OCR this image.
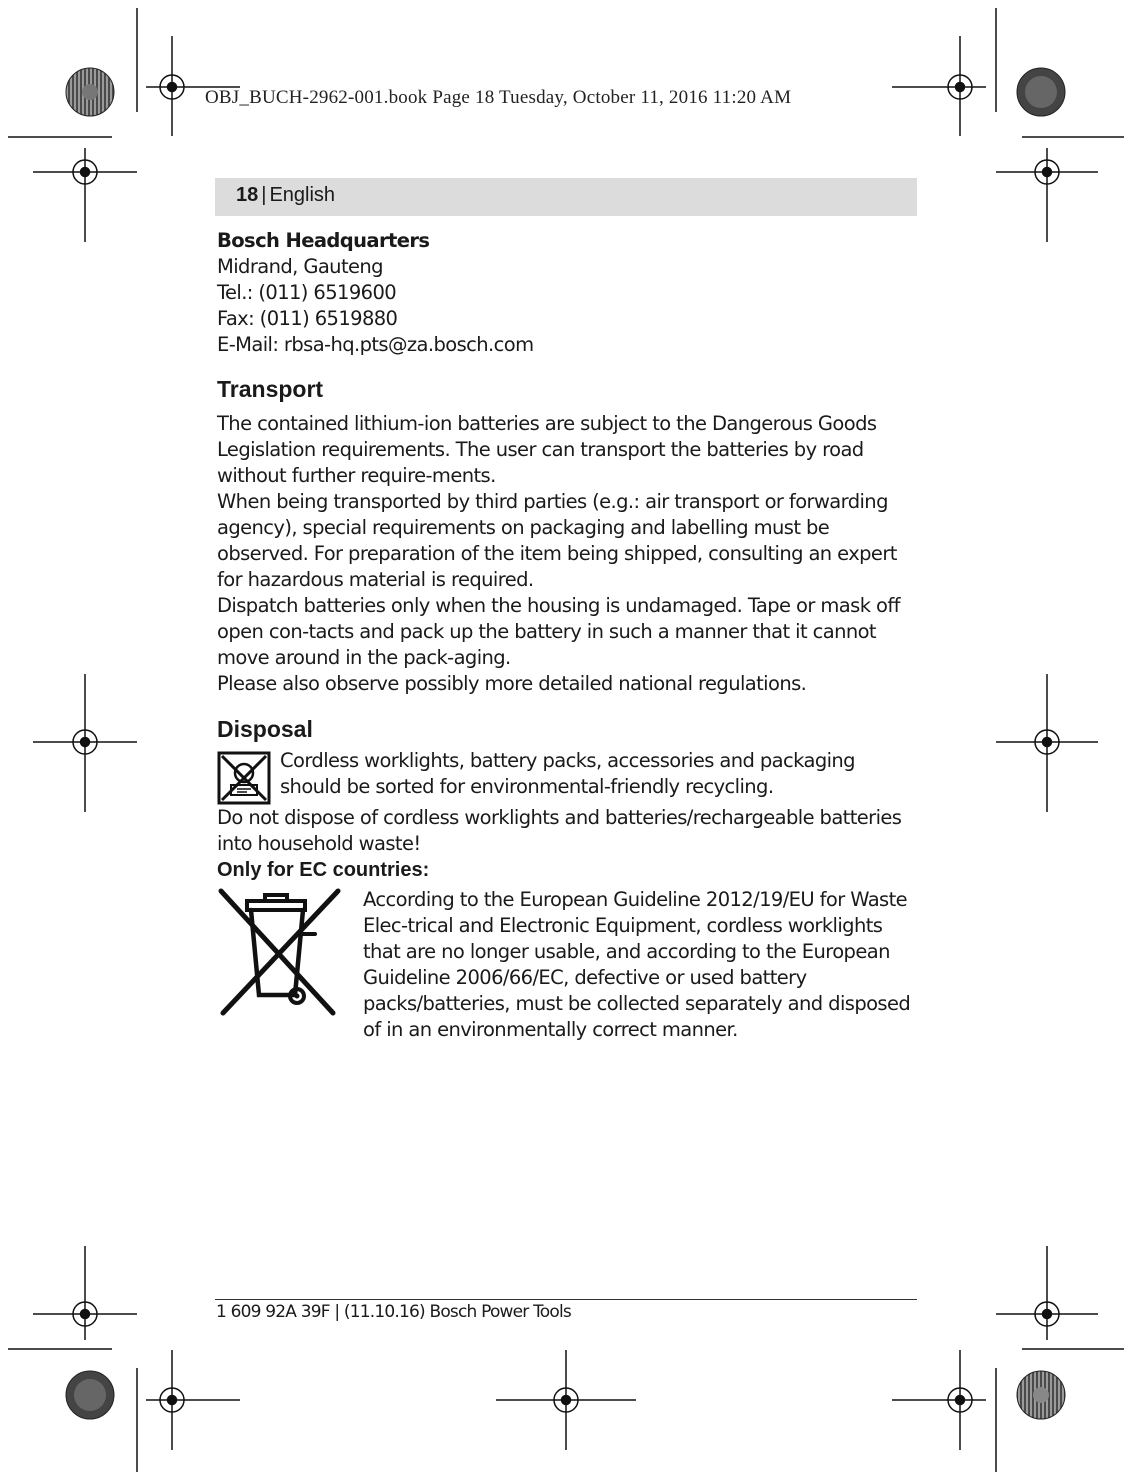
OBJ_BUCH-2962-001.book Page 18 Tuesday, October 11, 2016 11:20 AM
18 | English

Bosch Headquarters

Midrand, Gauteng

Tel.: (011) 6519600

Fax: (011) 6519880

E-Mail: rbsa-hq.pts@za.bosch.com

Transport

The contained lithium-ion batteries are subject to the Dangerous Goods Legislation requirements. The user can transport the batteries by road without further require-ments.

When being transported by third parties (e.g.: air transport or forwarding agency), special requirements on packaging and labelling must be observed. For preparation of the item being shipped, consulting an expert for hazardous material is required.

Dispatch batteries only when the housing is undamaged. Tape or mask off open con-tacts and pack up the battery in such a manner that it cannot move around in the pack-aging.

Please also observe possibly more detailed national regulations.

Disposal

Cordless worklights, battery packs, accessories and packaging should be sorted for environmental-friendly recycling.

Do not dispose of cordless worklights and batteries/rechargeable batteries into household waste!

Only for EC countries:

According to the European Guideline 2012/19/EU for Waste Elec-trical and Electronic Equipment, cordless worklights that are no longer usable, and according to the European Guideline 2006/66/EC, defective or used battery packs/batteries, must be collected separately and disposed of in an environmentally correct manner.

1 609 92A 39F | (11.10.16) Bosch Power Tools
